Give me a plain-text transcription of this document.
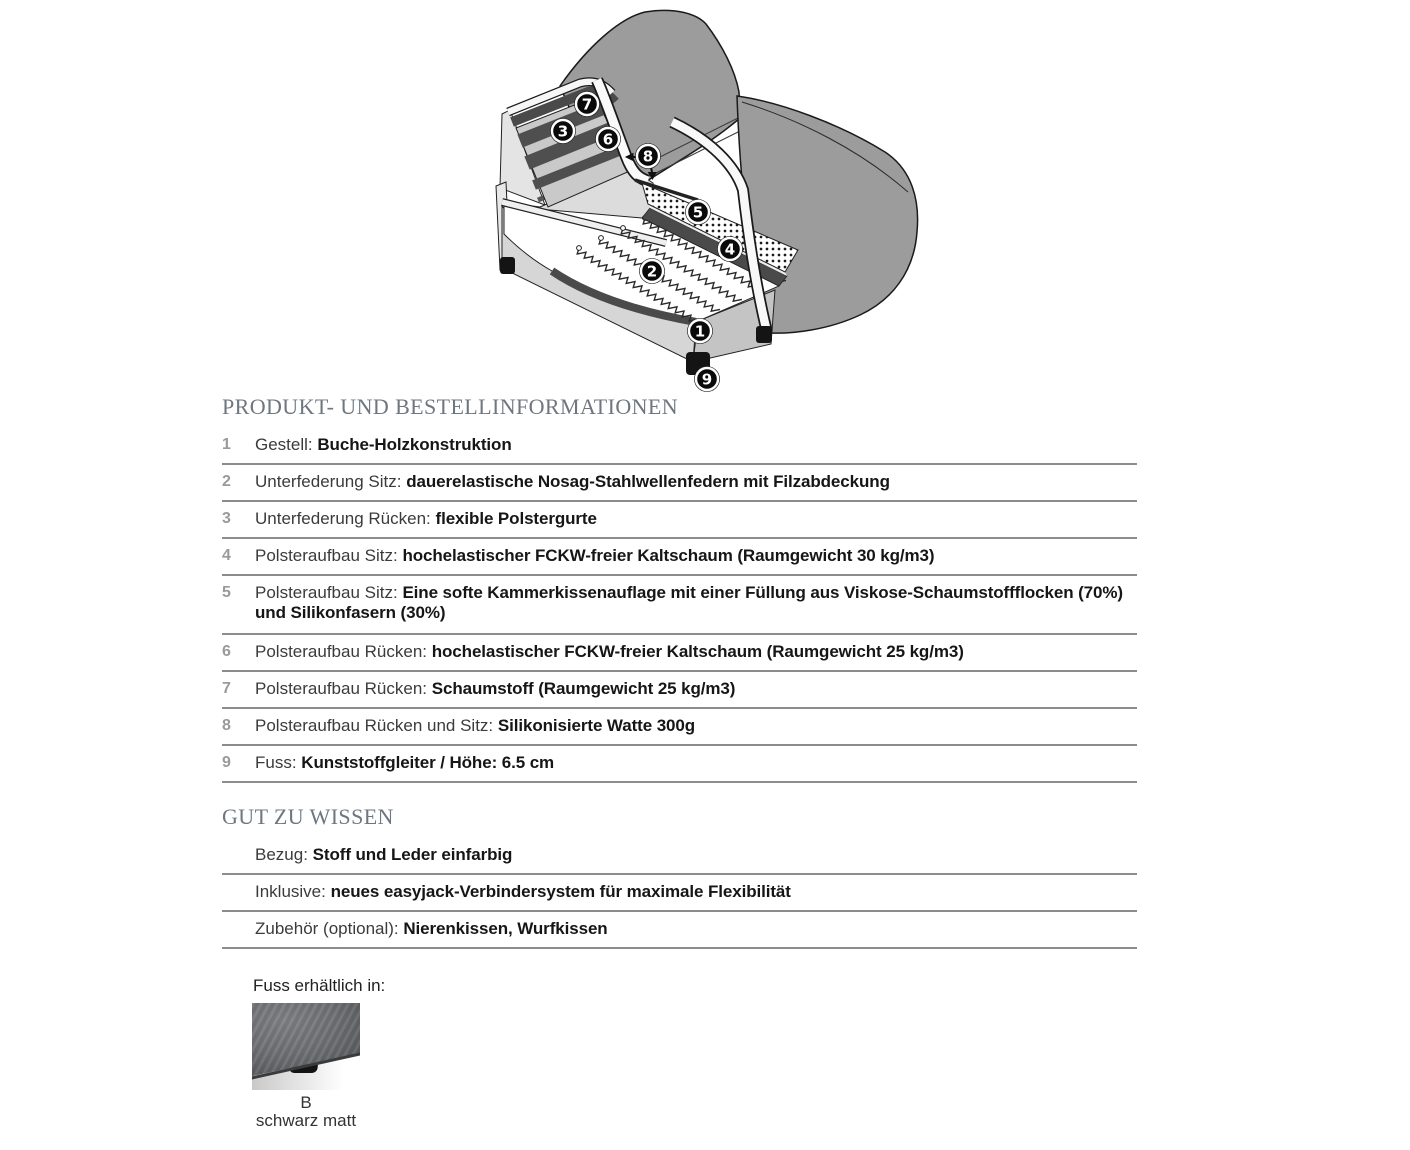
1
2
3
4
5
6
7
8
9
PRODUKT- UND BESTELLINFORMATIONEN
1	Gestell: Buche-Holzkonstruktion
2	Unterfederung Sitz: dauerelastische Nosag-Stahlwellenfedern mit Filzabdeckung
3	Unterfederung Rücken: flexible Polstergurte
4	Polsteraufbau Sitz: hochelastischer FCKW-freier Kaltschaum (Raumgewicht 30 kg/m3)
5	Polsteraufbau Sitz: Eine softe Kammerkissenauflage mit einer Füllung aus Viskose-Schaumstoffflocken (70%) und Silikonfasern (30%)
6	Polsteraufbau Rücken: hochelastischer FCKW-freier Kaltschaum (Raumgewicht 25 kg/m3)
7	Polsteraufbau Rücken: Schaumstoff (Raumgewicht 25 kg/m3)
8	Polsteraufbau Rücken und Sitz: Silikonisierte Watte 300g
9	Fuss: Kunststoffgleiter / Höhe: 6.5 cm
GUT ZU WISSEN
Bezug: Stoff und Leder einfarbig
Inklusive: neues easyjack-Verbindersystem für maximale Flexibilität
Zubehör (optional): Nierenkissen, Wurfkissen

Fuss erhältlich in:

B
schwarz matt
